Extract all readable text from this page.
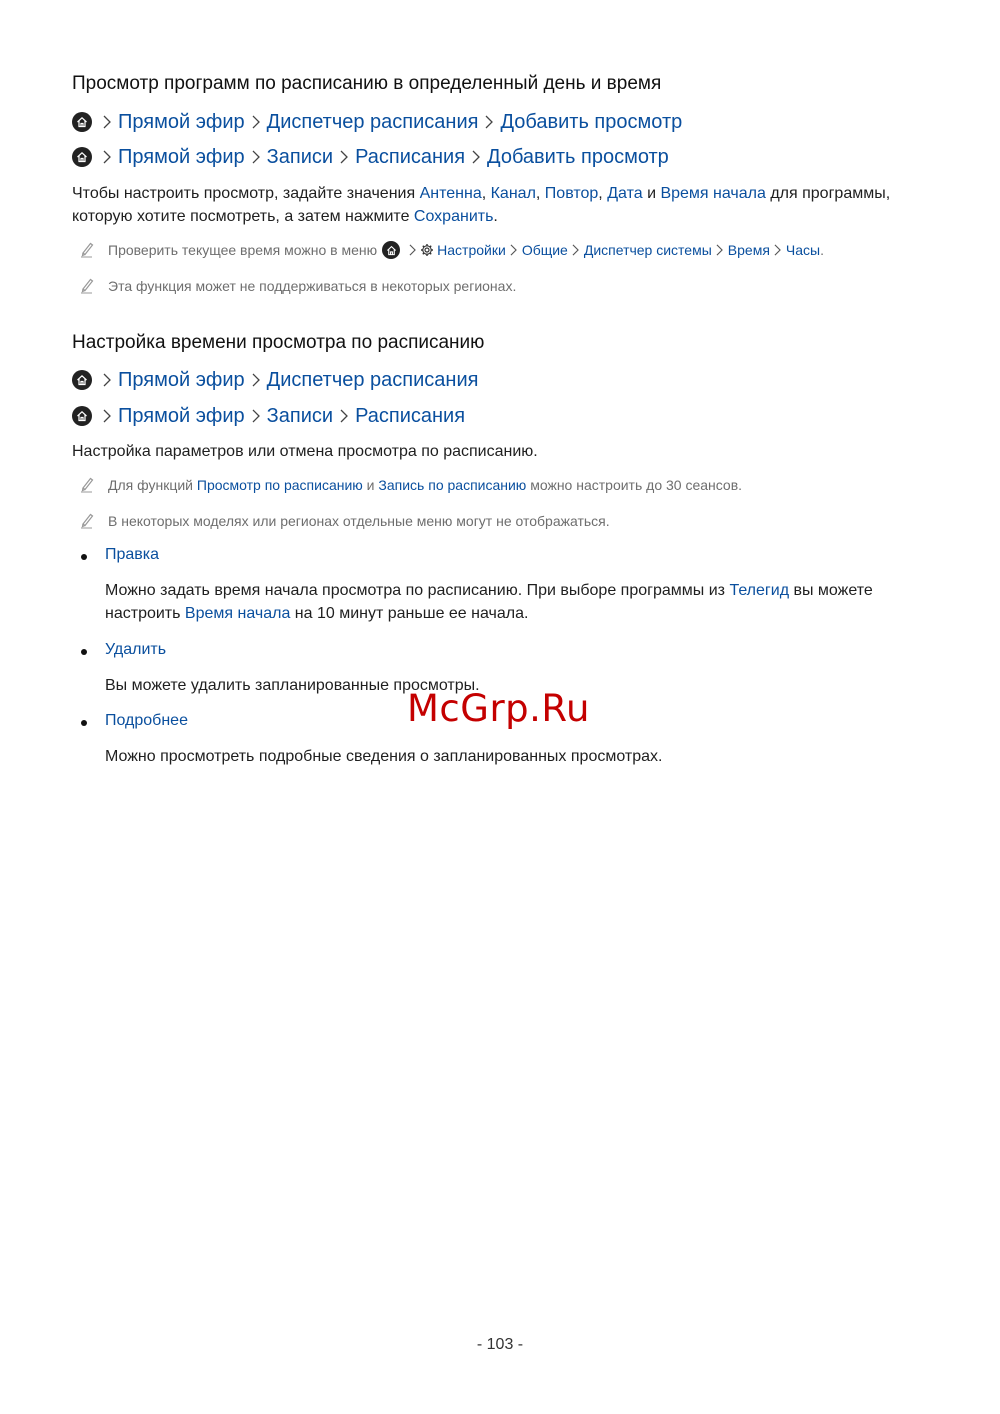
Просмотр программ по расписанию в определенный день и время
Прямой эфир Диспетчер расписания Добавить просмотр
Прямой эфир Записи Расписания Добавить просмотр
Чтобы настроить просмотр, задайте значения Антенна, Канал, Повтор, Дата и Время начала для программы,
которую хотите посмотреть, а затем нажмите Сохранить.
Проверить текущее время можно в меню	Настройки Общие Диспетчер системы Время Часы .
Эта функция может не поддерживаться в некоторых регионах.
Настройка времени просмотра по расписанию
Прямой эфир Диспетчер расписания
Прямой эфир Записи Расписания
Настройка параметров или отмена просмотра по расписанию.
Для функций Просмотр по расписанию и Запись по расписанию можно настроить до 30 сеансов.
В некоторых моделях или регионах отдельные меню могут не отображаться.
Правка
Можно задать время начала просмотра по расписанию. При выборе программы из Телегид вы можете
настроить Время начала на 10 минут раньше ее начала.
Удалить
Вы можете удалить запланированные просмотры.
Подробнее
Можно просмотреть подробные сведения о запланированных просмотрах.
McGrp.Ru
- 103 -
